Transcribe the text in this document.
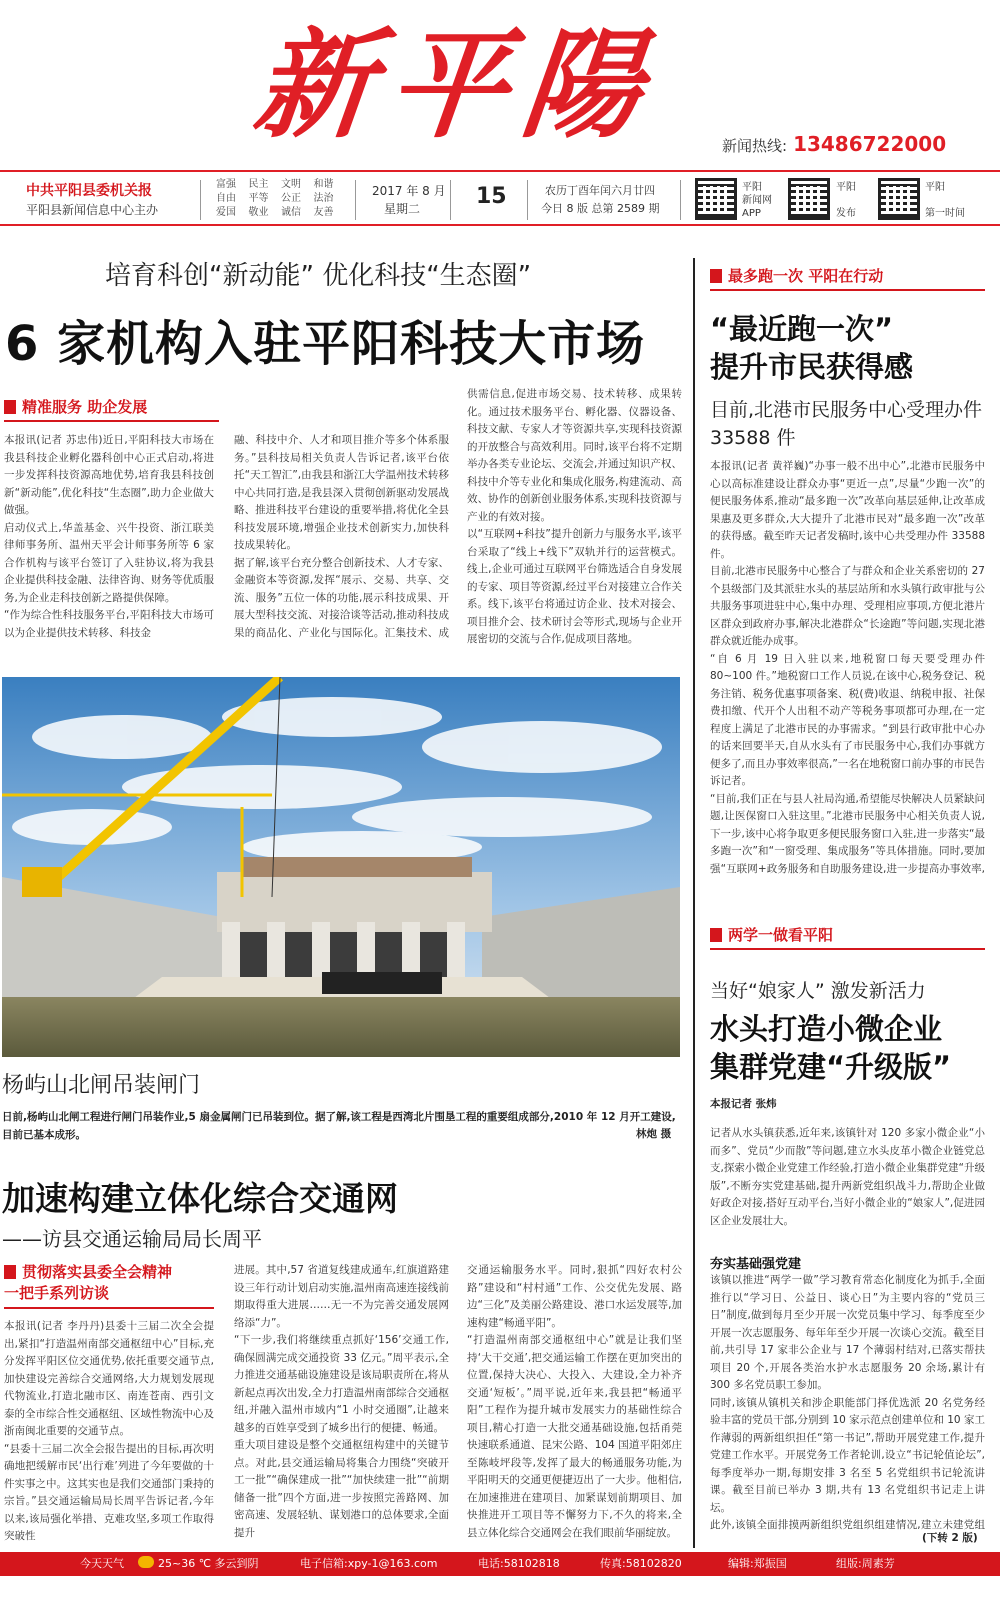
新平陽	新闻热线: 13486722000
中共平阳县委机关报
平阳县新闻信息中心主办
富强	民主	文明	和谐
自由	平等	公正	法治
爱国	敬业	诚信	友善
2017 年 8 月
星期二	15	农历丁酉年闰六月廿四
今日 8 版 总第 2589 期
平阳
新闻网
APP
平阳

发布
平阳

第一时间
培育科创“新动能” 优化科技“生态圈”
6 家机构入驻平阳科技大市场
精准服务 助企发展
本报讯(记者 苏忠伟)近日,平阳科技大市场在我县科技企业孵化器科创中心正式启动,将进一步发挥科技资源高地优势,培育我县科技创新“新动能”,优化科技“生态圈”,助力企业做大做强。
启动仪式上,华盖基金、兴牛投资、浙江联美律师事务所、温州天平会计师事务所等 6 家合作机构与该平台签订了入驻协议,将为我县企业提供科技金融、法律咨询、财务等优质服务,为企业走科技创新之路提供保障。
“作为综合性科技服务平台,平阳科技大市场可以为企业提供技术转移、科技金
融、科技中介、人才和项目推介等多个体系服务。”县科技局相关负责人告诉记者,该平台依托“天工智汇”,由我县和浙江大学温州技术转移中心共同打造,是我县深入贯彻创新驱动发展战略、推进科技平台建设的重要举措,将优化全县科技发展环境,增强企业技术创新实力,加快科技成果转化。
据了解,该平台充分整合创新技术、人才专家、金融资本等资源,发挥“展示、交易、共享、交流、服务”五位一体的功能,展示科技成果、开展大型科技交流、对接洽谈等活动,推动科技成果的商品化、产业化与国际化。汇集技术、成
供需信息,促进市场交易、技术转移、成果转化。通过技术服务平台、孵化器、仪器设备、科技文献、专家人才等资源共享,实现科技资源的开放整合与高效利用。同时,该平台将不定期举办各类专业论坛、交流会,并通过知识产权、科技中介等专业化和集成化服务,构建流动、高效、协作的创新创业服务体系,实现科技资源与产业的有效对接。
以“互联网+科技”提升创新力与服务水平,该平台采取了“线上+线下”双轨并行的运营模式。线上,企业可通过互联网平台筛选适合自身发展的专家、项目等资源,经过平台对接建立合作关系。线下,该平台将通过访企业、技术对接会、项目推介会、技术研讨会等形式,现场与企业开展密切的交流与合作,促成项目落地。
杨屿山北闸吊装闸门
日前,杨屿山北闸工程进行闸门吊装作业,5 扇金属闸门已吊装到位。据了解,该工程是西湾北片围垦工程的重要组成部分,2010 年 12 月开工建设,目前已基本成形。	林炮 摄
加速构建立体化综合交通网
——访县交通运输局局长周平
贯彻落实县委全会精神
一把手系列访谈
本报讯(记者 李丹丹)县委十三届二次全会提出,紧扣“打造温州南部交通枢纽中心”目标,充分发挥平阳区位交通优势,依托重要交通节点,加快建设完善综合交通网络,大力规划发展现代物流业,打造北融市区、南连苍南、西引文泰的全市综合性交通枢纽、区域性物流中心及浙南闽北重要的交通节点。
“县委十三届二次全会报告提出的目标,再次明确地把缓解市民‘出行难’列进了今年要做的十件实事之中。这其实也是我们交通部门秉持的宗旨。”县交通运输局局长周平告诉记者,今年以来,该局强化举措、克难攻坚,多项工作取得突破性
进展。其中,57 省道复线建成通车,红旗道路建设三年行动计划启动实施,温州南高速连接线前期取得重大进展……无一不为完善交通发展网络添“力”。
“下一步,我们将继续重点抓好‘156’交通工作,确保圆满完成交通投资 33 亿元。”周平表示,全力推进交通基础设施建设是该局职责所在,将从新起点再次出发,全力打造温州南部综合交通枢纽,并融入温州市域内“1 小时交通圈”,让越来越多的百姓享受到了城乡出行的便捷、畅通。
重大项目建设是整个交通枢纽构建中的关键节点。对此,县交通运输局将集合力围绕“突破开工一批”“确保建成一批”“加快续建一批”“前期储备一批”四个方面,进一步按照完善路网、加密高速、发展轻轨、谋划港口的总体要求,全面提升
交通运输服务水平。同时,狠抓“四好农村公路”建设和“村村通”工作、公交优先发展、路边“三化”及美丽公路建设、港口水运发展等,加速构建“畅通平阳”。
“打造温州南部交通枢纽中心”就是让我们坚持‘大干交通’,把交通运输工作摆在更加突出的位置,保持大决心、大投入、大建设,全力补齐交通‘短板’。”周平说,近年来,我县把“畅通平阳”工程作为提升城市发展实力的基础性综合项目,精心打造一大批交通基础设施,包括甬莞快速联系通道、昆宋公路、104 国道平阳郊庄至陈岐坪段等,发挥了最大的畅通服务功能,为平阳明天的交通更便捷迈出了一大步。他相信,在加速推进在建项目、加紧谋划前期项目、加快推进开工项目等不懈努力下,不久的将来,全县立体化综合交通网会在我们眼前华丽绽放。
最多跑一次 平阳在行动
“最近跑一次”
提升市民获得感
目前,北港市民服务中心受理办件 33588 件
本报讯(记者 黄祥巍)“办事一般不出中心”,北港市民服务中心以高标准建设让群众办事“更近一点”,尽量“少跑一次”的便民服务体系,推动“最多跑一次”改革向基层延伸,让改革成果惠及更多群众,大大提升了北港市民对“最多跑一次”改革的获得感。截至昨天记者发稿时,该中心共受理办件 33588 件。
目前,北港市民服务中心整合了与群众和企业关系密切的 27 个县级部门及其派驻水头的基层站所和水头镇行政审批与公共服务事项进驻中心,集中办理、受理相应事项,方便北港片区群众到政府办事,解决北港群众“长途跑”等问题,实现北港群众就近能办成事。
“自 6 月 19 日入驻以来,地税窗口每天要受理办件 80~100 件。”地税窗口工作人员说,在该中心,税务登记、税务注销、税务优惠事项备案、税(费)收退、纳税申报、社保费扣缴、代开个人出租不动产等税务事项都可办理,在一定程度上满足了北港市民的办事需求。“到县行政审批中心办的话来回要半天,自从水头有了市民服务中心,我们办事就方便多了,而且办事效率很高,”一名在地税窗口前办事的市民告诉记者。
“目前,我们正在与县人社局沟通,希望能尽快解决人员紧缺问题,让医保窗口入驻这里。”北港市民服务中心相关负责人说,下一步,该中心将争取更多便民服务窗口入驻,进一步落实“最多跑一次”和“一窗受理、集成服务”等具体措施。同时,要加强“互联网+政务服务和自助服务建设,进一步提高办事效率,
两学一做看平阳
当好“娘家人” 激发新活力
水头打造小微企业
集群党建“升级版”
本报记者 张炜
记者从水头镇获悉,近年来,该镇针对 120 多家小微企业“小而多”、党员“少而散”等问题,建立水头皮革小微企业链党总支,探索小微企业党建工作经验,打造小微企业集群党建“升级版”,不断夯实党建基础,提升两新党组织战斗力,帮助企业做好政企对接,搭好互动平台,当好小微企业的“娘家人”,促进园区企业发展壮大。
夯实基础强党建
该镇以推进“两学一做”学习教育常态化制度化为抓手,全面推行以“学习日、公益日、谈心日”为主要内容的“党员三日”制度,做到每月至少开展一次党员集中学习、每季度至少开展一次志愿服务、每年年至少开展一次谈心交流。截至目前,共引导 17 家非公企业与 17 个薄弱村结对,已落实帮扶项目 20 个,开展各类治水护水志愿服务 20 余场,累计有 300 多名党员职工参加。
同时,该镇从镇机关和涉企职能部门择优选派 20 名党务经验丰富的党员干部,分别到 10 家示范点创建单位和 10 家工作薄弱的两新组织担任“第一书记”,帮助开展党建工作,提升党建工作水平。开展党务工作者轮训,设立“书记轮值论坛”,每季度举办一期,每期安排 3 名至 5 名党组织书记轮流讲课。截至目前已举办 3 期,共有 13 名党组织书记走上讲坛。
此外,该镇全面排摸两新组织党组织组建情况,建立未建党组
(下转 2 版)
今天天气	25~36 ℃ 多云到阴	电子信箱:xpy-1@163.com	电话:58102818	传真:58102820	编辑:郑振国	组版:周素芳
